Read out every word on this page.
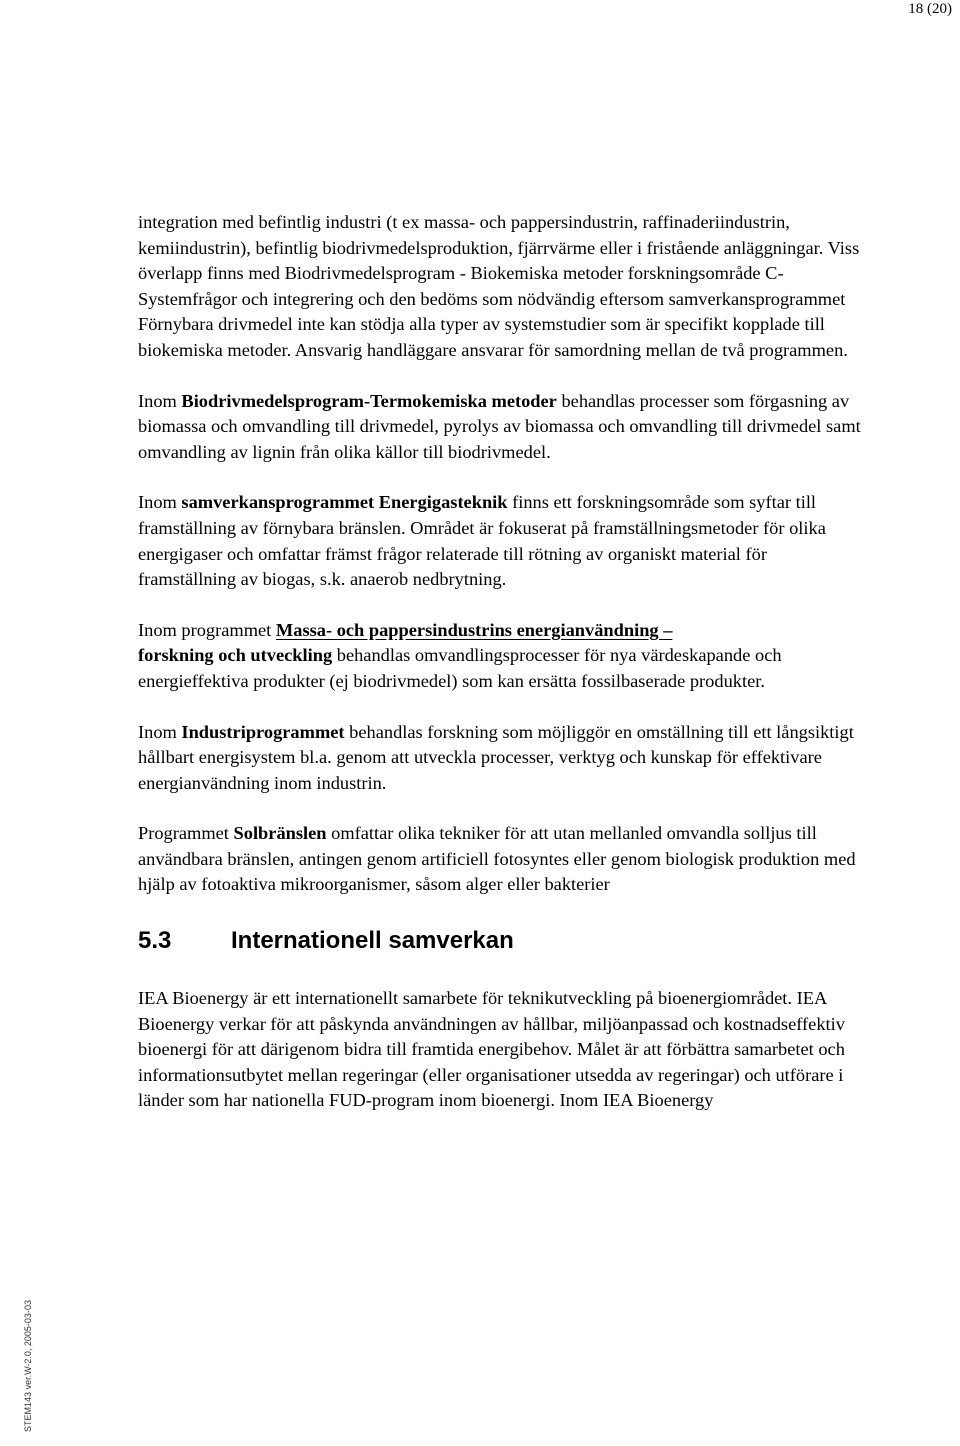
18 (20)

integration med befintlig industri (t ex massa- och pappersindustrin, raffinaderiindustrin, kemiindustrin), befintlig biodrivmedelsproduktion, fjärrvärme eller i fristående anläggningar. Viss överlapp finns med Biodrivmedelsprogram - Biokemiska metoder forskningsområde C-Systemfrågor och integrering och den bedöms som nödvändig eftersom samverkansprogrammet Förnybara drivmedel inte kan stödja alla typer av systemstudier som är specifikt kopplade till biokemiska metoder. Ansvarig handläggare ansvarar för samordning mellan de två programmen.

Inom Biodrivmedelsprogram-Termokemiska metoder behandlas processer som förgasning av biomassa och omvandling till drivmedel, pyrolys av biomassa och omvandling till drivmedel samt omvandling av lignin från olika källor till biodrivmedel.

Inom samverkansprogrammet Energigasteknik finns ett forskningsområde som syftar till framställning av förnybara bränslen. Området är fokuserat på framställningsmetoder för olika energigaser och omfattar främst frågor relaterade till rötning av organiskt material för framställning av biogas, s.k. anaerob nedbrytning.

Inom programmet Massa- och pappersindustrins energianvändning –
forskning och utveckling behandlas omvandlingsprocesser för nya värdeskapande och energieffektiva produkter (ej biodrivmedel) som kan ersätta fossilbaserade produkter.

Inom Industriprogrammet behandlas forskning som möjliggör en omställning till ett långsiktigt hållbart energisystem bl.a. genom att utveckla processer, verktyg och kunskap för effektivare energianvändning inom industrin.

Programmet Solbränslen omfattar olika tekniker för att utan mellanled omvandla solljus till användbara bränslen, antingen genom artificiell fotosyntes eller genom biologisk produktion med hjälp av fotoaktiva mikroorganismer, såsom alger eller bakterier

5.3 Internationell samverkan

IEA Bioenergy är ett internationellt samarbete för teknikutveckling på bioenergiområdet. IEA Bioenergy verkar för att påskynda användningen av hållbar, miljöanpassad och kostnadseffektiv bioenergi för att därigenom bidra till framtida energibehov. Målet är att förbättra samarbetet och informationsutbytet mellan regeringar (eller organisationer utsedda av regeringar) och utförare i länder som har nationella FUD-program inom bioenergi. Inom IEA Bioenergy

STEM143 ver.W-2.0, 2005-03-03
